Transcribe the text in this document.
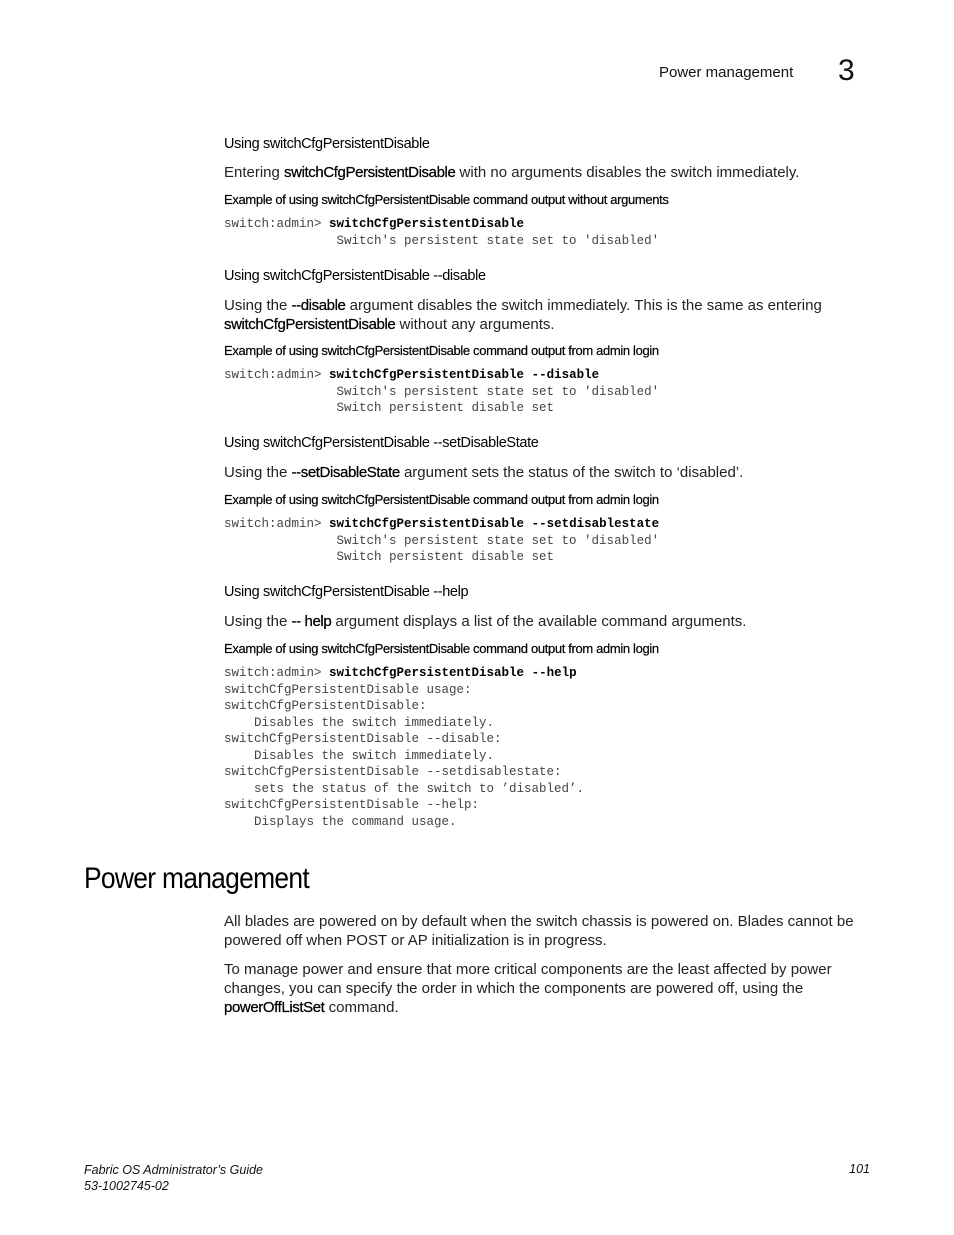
Power management 3
Using switchCfgPersistentDisable

Entering switchCfgPersistentDisable with no arguments disables the switch immediately.

Example of using switchCfgPersistentDisable command output without arguments
switch:admin> switchCfgPersistentDisable
Switch's persistent state set to 'disabled'
Using switchCfgPersistentDisable --disable

Using the --disable argument disables the switch immediately. This is the same as entering switchCfgPersistentDisable without any arguments.

Example of using switchCfgPersistentDisable command output from admin login
switch:admin> switchCfgPersistentDisable --disable
Switch's persistent state set to 'disabled'
Switch persistent disable set
Using switchCfgPersistentDisable --setDisableState

Using the --setDisableState argument sets the status of the switch to ‘disabled’.

Example of using switchCfgPersistentDisable command output from admin login
switch:admin> switchCfgPersistentDisable --setdisablestate
Switch's persistent state set to 'disabled'
Switch persistent disable set
Using switchCfgPersistentDisable --help

Using the -- help argument displays a list of the available command arguments.

Example of using switchCfgPersistentDisable command output from admin login
switch:admin> switchCfgPersistentDisable --help
switchCfgPersistentDisable usage:
switchCfgPersistentDisable:
Disables the switch immediately.
switchCfgPersistentDisable --disable:
Disables the switch immediately.
switchCfgPersistentDisable --setdisablestate:
sets the status of the switch to ’disabled’.
switchCfgPersistentDisable --help:
Displays the command usage.
Power management

All blades are powered on by default when the switch chassis is powered on. Blades cannot be powered off when POST or AP initialization is in progress.

To manage power and ensure that more critical components are the least affected by power changes, you can specify the order in which the components are powered off, using the powerOffListSet command.

Fabric OS Administrator’s Guide
53-1002745-02
101
